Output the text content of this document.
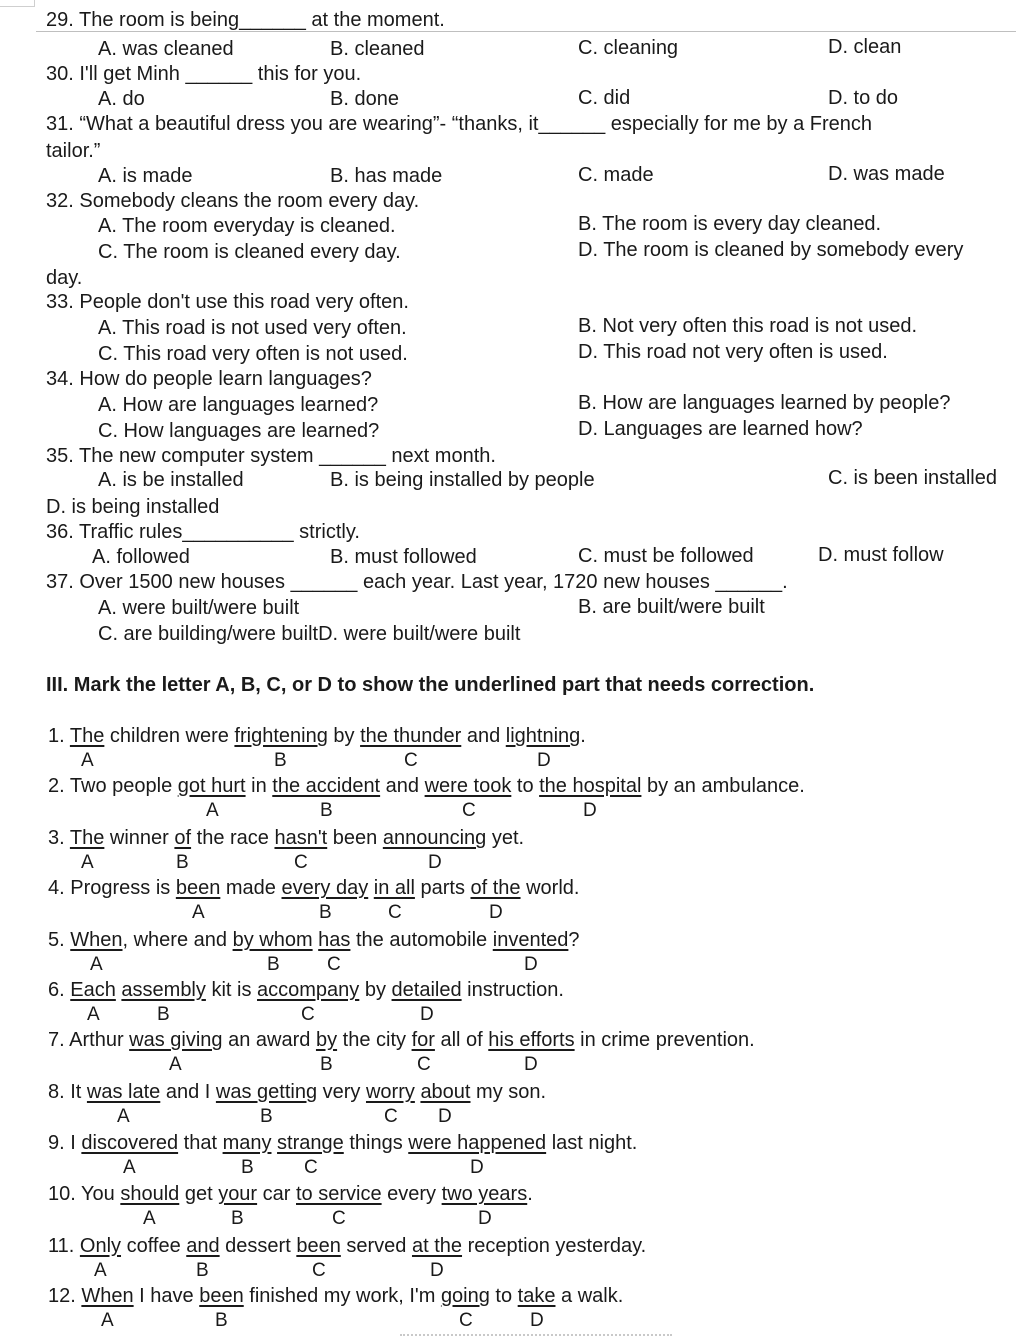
29. The room is being______ at the moment.
A. was cleaned	B. cleaned	C. cleaning	D. clean
30. I'll get Minh ______ this for you.
A. do	B. done	C. did	D. to do
31. “What a beautiful dress you are wearing”- “thanks, it______ especially for me by a French
tailor.”
A. is made	B. has made	C. made	D. was made
32. Somebody cleans the room every day.
A. The room everyday is cleaned.	B. The room is every day cleaned.
C. The room is cleaned every day.	D. The room is cleaned by somebody every
day.
33. People don't use this road very often.
A. This road is not used very often.	B. Not very often this road is not used.
C. This road very often is not used.	D. This road not very often is used.
34. How do people learn languages?
A. How are languages learned?	B. How are languages learned by people?
C. How languages are learned?	D. Languages are learned how?
35. The new computer system ______ next month.
A. is be installed	B. is being installed by people	C. is been installed
D. is being installed
36. Traffic rules__________ strictly.
A. followed	B. must followed	C. must be followed	D. must follow
37. Over 1500 new houses ______ each year. Last year, 1720 new houses ______.
A. were built/were built	B. are built/were built
C. are building/were builtD. were built/were built
III. Mark the letter A, B, C, or D to show the underlined part that needs correction.
1. The children were frightening by the thunder and lightning.
2. Two people got hurt in the accident and were took to the hospital by an ambulance.
3. The winner of the race hasn't been announcing yet.
4. Progress is been made every day in all parts of the world.
5. When, where and by whom has the automobile invented?
6. Each assembly kit is accompany by detailed instruction.
7. Arthur was giving an award by the city for all of his efforts in crime prevention.
8. It was late and I was getting very worry about my son.
9. I discovered that many strange things were happened last night.
10. You should get your car to service every two years.
11. Only coffee and dessert been served at the reception yesterday.
12. When I have been finished my work, I'm going to take a walk.
A	B	C	D
A	B	C	D
A	B	C	D
A	B	C	D
A	B C	D
A	B	C	D
A	B	C	D
A	B	C D
A	B	C	D
A	B	C	D
A	B	C	D
A	B	C	D
